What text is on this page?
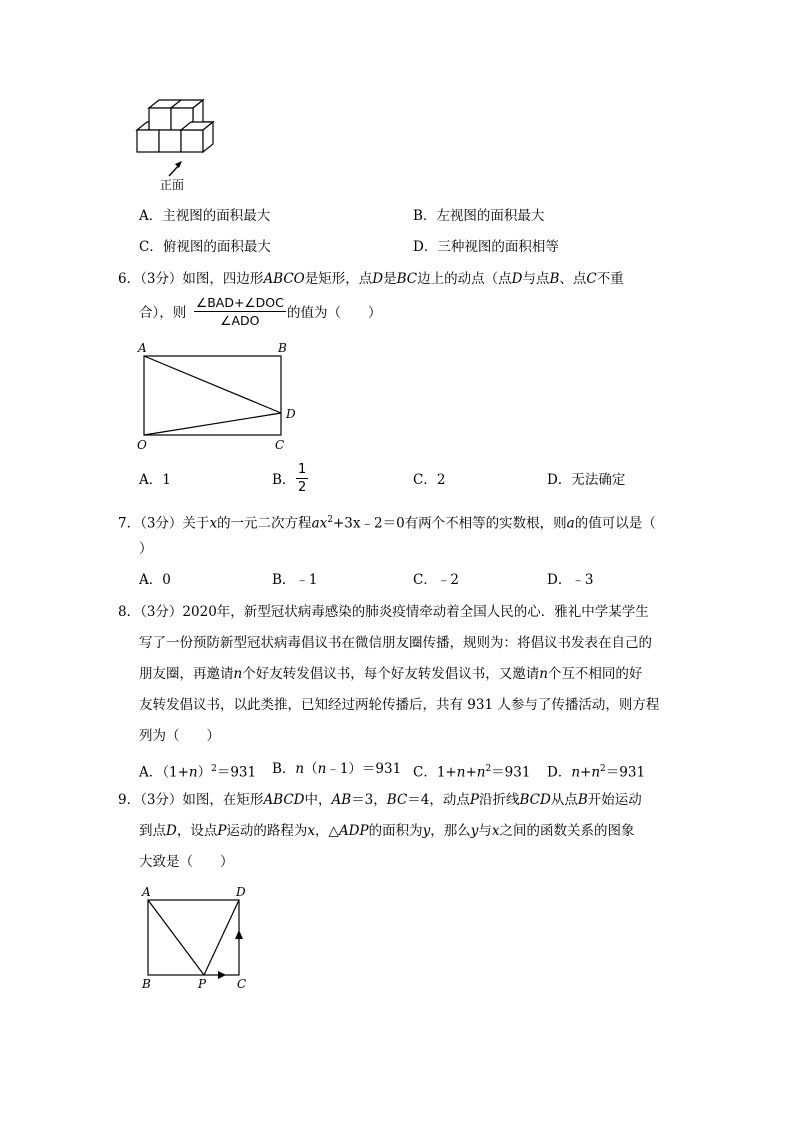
正面
A．主视图的面积最大	B．左视图的面积最大
C．俯视图的面积最大	D．三种视图的面积相等
6．（3分）如图，四边形ABCO是矩形，点D是BC边上的动点（点D与点B、点C不重
合），则
∠BAD+∠DOC
∠ADO	的值为（　　）
A	B
D
O	C
A．1	B． $\frac{1}{2}$	C．2	D．无法确定
7．（3分）关于x的一元二次方程$ax^2+3x﹣2=0$有两个不相等的实数根，则a的值可以是（
）
A．0	B．﹣1	C．﹣2	D．﹣3
8．（3分）2020年，新型冠状病毒感染的肺炎疫情牵动着全国人民的心．雅礼中学某学生
写了一份预防新型冠状病毒倡议书在微信朋友圈传播，规则为：将倡议书发表在自己的
朋友圈，再邀请n个好友转发倡议书，每个好友转发倡议书，又邀请n个互不相同的好
友转发倡议书，以此类推，已知经过两轮传播后，共有 931 人参与了传播活动，则方程
列为（　　）
A．$(1+n)^2=931$ B．n（n﹣1）＝931 C．$1+n+n^2=931$ D．$n+n^2=931$
9．（3分）如图，在矩形ABCD中，AB＝3，BC＝4，动点P沿折线BCD从点B开始运动
到点D，设点P运动的路程为x，△ADP的面积为y，那么y与x之间的函数关系的图象
大致是（　　）
A	D
B	P	C
